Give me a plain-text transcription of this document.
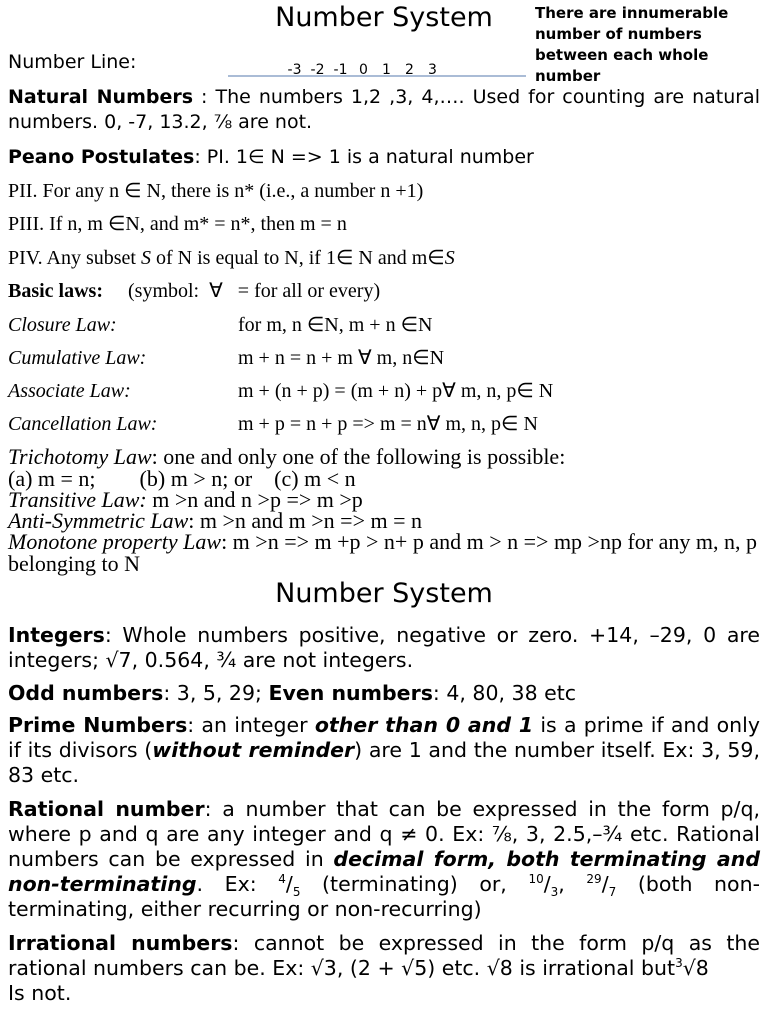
Number System	There are innumerable number of numbers between each whole number
Number Line:	-3 -2 -1 0 1 2 3

Natural Numbers : The numbers 1,2 ,3, 4,…. Used for counting are natural numbers. 0, -7, 13.2, ⅞ are not.

Peano Postulates: PI. 1∈ N => 1 is a natural number

PII. For any n ∈ N, there is n* (i.e., a number n +1)

PIII. If n, m ∈N, and m* = n*, then m = n

PIV. Any subset S of N is equal to N, if 1∈ N and m∈S

Basic laws:     (symbol:  ∀   = for all or every)

Closure Law:	for m, n ∈N, m + n ∈N
Cumulative Law:	m + n = n + m ∀ m, n∈N
Associate Law:	m + (n + p) = (m + n) + p∀ m, n, p∈ N
Cancellation Law:	m + p = n + p => m = n∀ m, n, p∈ N

Trichotomy Law: one and only one of the following is possible:

(a) m = n;        (b) m > n; or    (c) m < n

Transitive Law: m >n and n >p => m >p

Anti-Symmetric Law: m >n and m >n => m = n

Monotone property Law: m >n => m +p > n+ p and m > n => mp >np for any m, n, p belonging to N

Number System

Integers: Whole numbers positive, negative or zero. +14, –29, 0 are integers; √7, 0.564, ¾ are not integers.

Odd numbers: 3, 5, 29; Even numbers: 4, 80, 38 etc

Prime Numbers: an integer other than 0 and 1 is a prime if and only if its divisors (without reminder) are 1 and the number itself. Ex: 3, 59, 83 etc.

Rational number: a number that can be expressed in the form p/q, where p and q are any integer and q ≠ 0. Ex: ⅞, 3, 2.5,–¾ etc. Rational numbers can be expressed in decimal form, both terminating and non-terminating. Ex: $^4/_5$ (terminating) or, $^{10}/_3$, $^{29}/_7$ (both non-terminating, either recurring or non-recurring)

Irrational numbers: cannot be expressed in the form p/q as the rational numbers can be. Ex: √3, (2 + √5) etc. √8 is irrational but$^3$√8
Is not.
